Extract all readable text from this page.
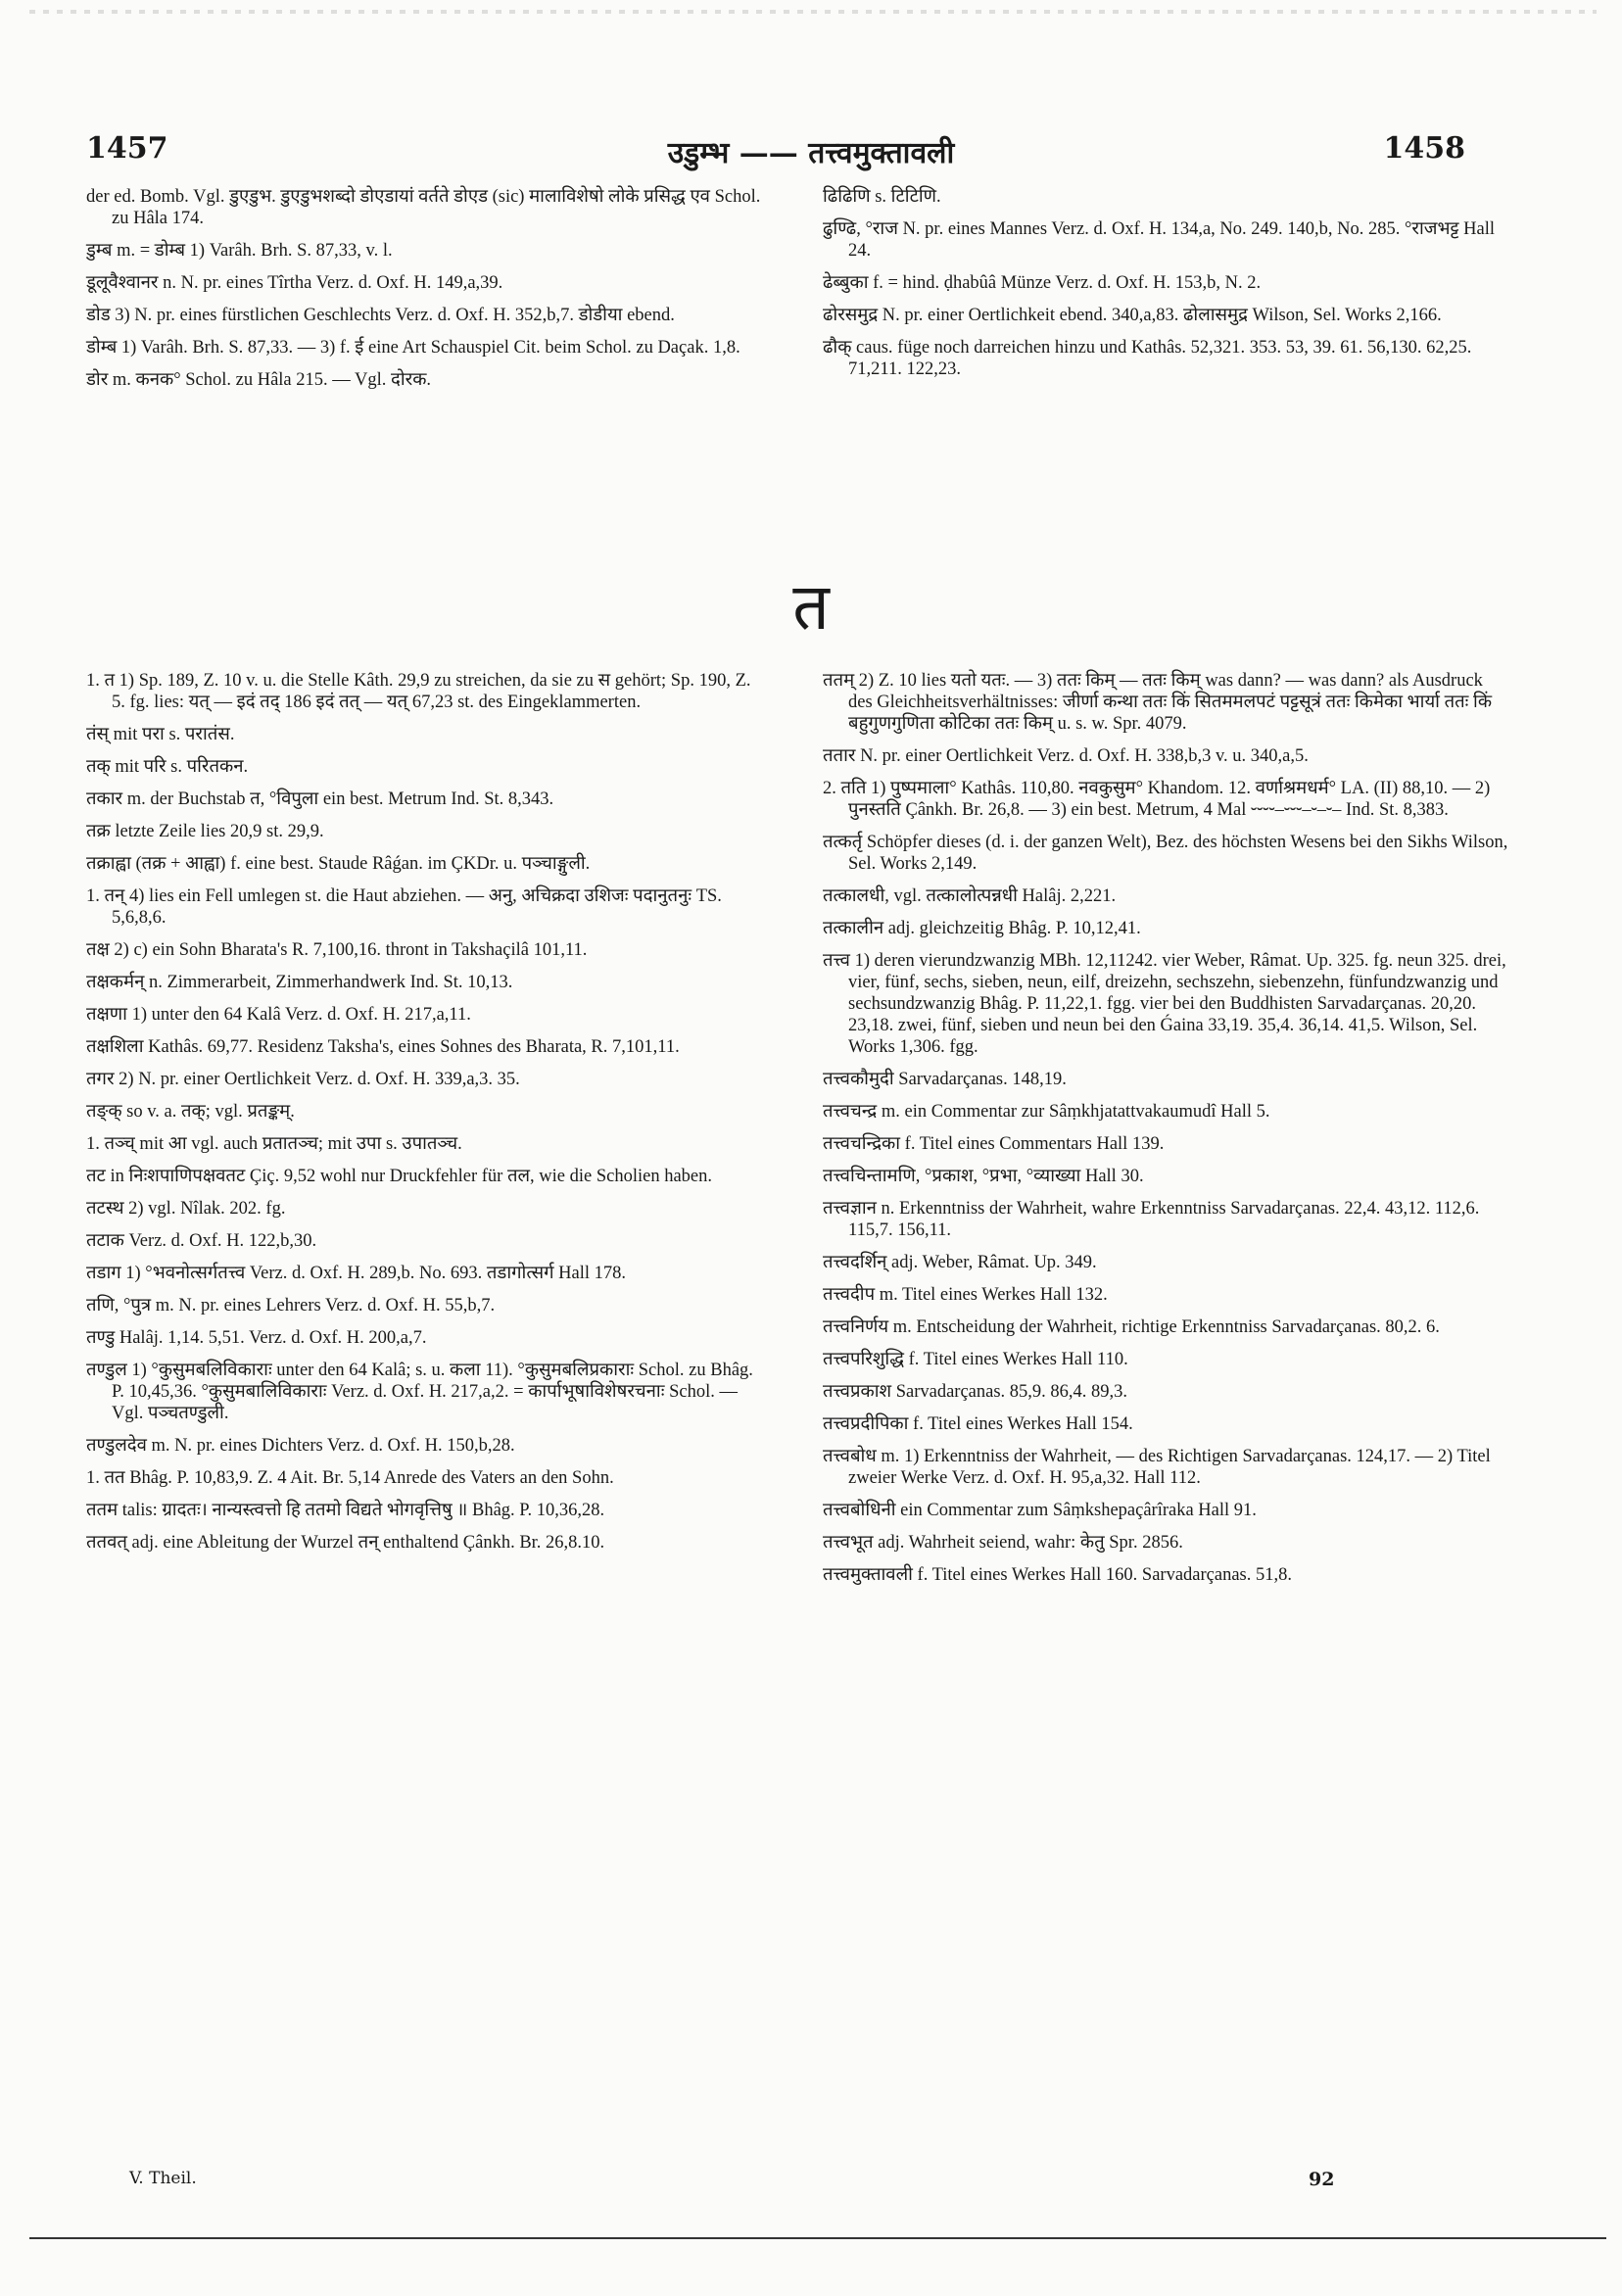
1457	उडुम्भ —— तत्त्वमुक्तावली	1458
der ed. Bomb. Vgl. डुएडुभ. डुएडुभशब्दो डोएडायां वर्तते डोएड (sic) मालाविशेषो लोके प्रसिद्ध एव Schol. zu Hâla 174.
डुम्ब m. = डोम्ब 1) Varâh. Brh. S. 87,33, v. l.
डूलूवैश्वानर n. N. pr. eines Tîrtha Verz. d. Oxf. H. 149,a,39.
डोड 3) N. pr. eines fürstlichen Geschlechts Verz. d. Oxf. H. 352,b,7. डोडीया ebend.
डोम्ब 1) Varâh. Brh. S. 87,33. — 3) f. ई eine Art Schauspiel Cit. beim Schol. zu Daçak. 1,8.
डोर m. कनक° Schol. zu Hâla 215. — Vgl. दोरक.
ढिढिणि s. टिटिणि.
ढुण्ढि, °राज N. pr. eines Mannes Verz. d. Oxf. H. 134,a, No. 249. 140,b, No. 285. °राजभट्ट Hall 24.
ढेब्बुका f. = hind. ḍhabûâ Münze Verz. d. Oxf. H. 153,b, N. 2.
ढोरसमुद्र N. pr. einer Oertlichkeit ebend. 340,a,83. ढोलासमुद्र Wilson, Sel. Works 2,166.
ढौक् caus. füge noch darreichen hinzu und Kathâs. 52,321. 353. 53, 39. 61. 56,130. 62,25. 71,211. 122,23.
त
1. त 1) Sp. 189, Z. 10 v. u. die Stelle Kâth. 29,9 zu streichen, da sie zu स gehört; Sp. 190, Z. 5. fg. lies: यत् — इदं तद् 186 इदं तत् — यत् 67,23 st. des Eingeklammerten.
तंस् mit परा s. परातंस.
तक् mit परि s. परितकन.
तकार m. der Buchstab त, °विपुला ein best. Metrum Ind. St. 8,343.
तक्र letzte Zeile lies 20,9 st. 29,9.
तक्राह्वा (तक्र + आह्वा) f. eine best. Staude Râǵan. im ÇKDr. u. पञ्चाङ्गुली.
1. तन् 4) lies ein Fell umlegen st. die Haut abziehen. — अनु, अचिक्रदा उशिजः पदानुतनुः TS. 5,6,8,6.
तक्ष 2) c) ein Sohn Bharata's R. 7,100,16. thront in Takshaçilâ 101,11.
तक्षकर्मन् n. Zimmerarbeit, Zimmerhandwerk Ind. St. 10,13.
तक्षणा 1) unter den 64 Kalâ Verz. d. Oxf. H. 217,a,11.
तक्षशिला Kathâs. 69,77. Residenz Taksha's, eines Sohnes des Bharata, R. 7,101,11.
तगर 2) N. pr. einer Oertlichkeit Verz. d. Oxf. H. 339,a,3. 35.
तङ्क् so v. a. तक्; vgl. प्रतङ्कम्.
1. तञ्च् mit आ vgl. auch प्रतातञ्च; mit उपा s. उपातञ्च.
तट in निःशपाणिपक्षवतट Çiç. 9,52 wohl nur Druckfehler für तल, wie die Scholien haben.
तटस्थ 2) vgl. Nîlak. 202. fg.
तटाक Verz. d. Oxf. H. 122,b,30.
तडाग 1) °भवनोत्सर्गतत्त्व Verz. d. Oxf. H. 289,b. No. 693. तडागोत्सर्ग Hall 178.
तणि, °पुत्र m. N. pr. eines Lehrers Verz. d. Oxf. H. 55,b,7.
तण्डु Halâj. 1,14. 5,51. Verz. d. Oxf. H. 200,a,7.
तण्डुल 1) °कुसुमबलिविकाराः unter den 64 Kalâ; s. u. कला 11). °कुसुमबलिप्रकाराः Schol. zu Bhâg. P. 10,45,36. °कुसुमबालिविकाराः Verz. d. Oxf. H. 217,a,2. = कार्पाभूषाविशेषरचनाः Schol. — Vgl. पञ्चतण्डुली.
तण्डुलदेव m. N. pr. eines Dichters Verz. d. Oxf. H. 150,b,28.
1. तत Bhâg. P. 10,83,9. Z. 4 Ait. Br. 5,14 Anrede des Vaters an den Sohn.
ततम talis: ग्रादतः। नान्यस्त्वत्तो हि ततमो विद्यते भोगवृत्तिषु ॥ Bhâg. P. 10,36,28.
ततवत् adj. eine Ableitung der Wurzel तन् enthaltend Çânkh. Br. 26,8.10.
ततम् 2) Z. 10 lies यतो यतः. — 3) ततः किम् — ततः किम् was dann? — was dann? als Ausdruck des Gleichheitsverhältnisses: जीर्णा कन्था ततः किं सितममलपटं पट्टसूत्रं ततः किमेका भार्या ततः किं बहुगुणगुणिता कोटिका ततः किम् u. s. w. Spr. 4079.
ततार N. pr. einer Oertlichkeit Verz. d. Oxf. H. 338,b,3 v. u. 340,a,5.
2. तति 1) पुष्पमाला° Kathâs. 110,80. नवकुसुम° Khandom. 12. वर्णाश्रमधर्म° LA. (II) 88,10. — 2) पुनस्तति Çânkh. Br. 26,8. — 3) ein best. Metrum, 4 Mal ⏑⏑⏑⏑–⏑⏑⏑–⏑–⏑– Ind. St. 8,383.
तत्कर्तृ Schöpfer dieses (d. i. der ganzen Welt), Bez. des höchsten Wesens bei den Sikhs Wilson, Sel. Works 2,149.
तत्कालधी, vgl. तत्कालोत्पन्नधी Halâj. 2,221.
तत्कालीन adj. gleichzeitig Bhâg. P. 10,12,41.
तत्त्व 1) deren vierundzwanzig MBh. 12,11242. vier Weber, Râmat. Up. 325. fg. neun 325. drei, vier, fünf, sechs, sieben, neun, eilf, dreizehn, sechszehn, siebenzehn, fünfundzwanzig und sechsundzwanzig Bhâg. P. 11,22,1. fgg. vier bei den Buddhisten Sarvadarçanas. 20,20. 23,18. zwei, fünf, sieben und neun bei den Ǵaina 33,19. 35,4. 36,14. 41,5. Wilson, Sel. Works 1,306. fgg.
तत्त्वकौमुदी Sarvadarçanas. 148,19.
तत्त्वचन्द्र m. ein Commentar zur Sâṃkhjatattvakaumudî Hall 5.
तत्त्वचन्द्रिका f. Titel eines Commentars Hall 139.
तत्त्वचिन्तामणि, °प्रकाश, °प्रभा, °व्याख्या Hall 30.
तत्त्वज्ञान n. Erkenntniss der Wahrheit, wahre Erkenntniss Sarvadarçanas. 22,4. 43,12. 112,6. 115,7. 156,11.
तत्त्वदर्शिन् adj. Weber, Râmat. Up. 349.
तत्त्वदीप m. Titel eines Werkes Hall 132.
तत्त्वनिर्णय m. Entscheidung der Wahrheit, richtige Erkenntniss Sarvadarçanas. 80,2. 6.
तत्त्वपरिशुद्धि f. Titel eines Werkes Hall 110.
तत्त्वप्रकाश Sarvadarçanas. 85,9. 86,4. 89,3.
तत्त्वप्रदीपिका f. Titel eines Werkes Hall 154.
तत्त्वबोध m. 1) Erkenntniss der Wahrheit, — des Richtigen Sarvadarçanas. 124,17. — 2) Titel zweier Werke Verz. d. Oxf. H. 95,a,32. Hall 112.
तत्त्वबोधिनी ein Commentar zum Sâṃkshepaçârîraka Hall 91.
तत्त्वभूत adj. Wahrheit seiend, wahr: केतु Spr. 2856.
तत्त्वमुक्तावली f. Titel eines Werkes Hall 160. Sarvadarçanas. 51,8.
V. Theil.	92
